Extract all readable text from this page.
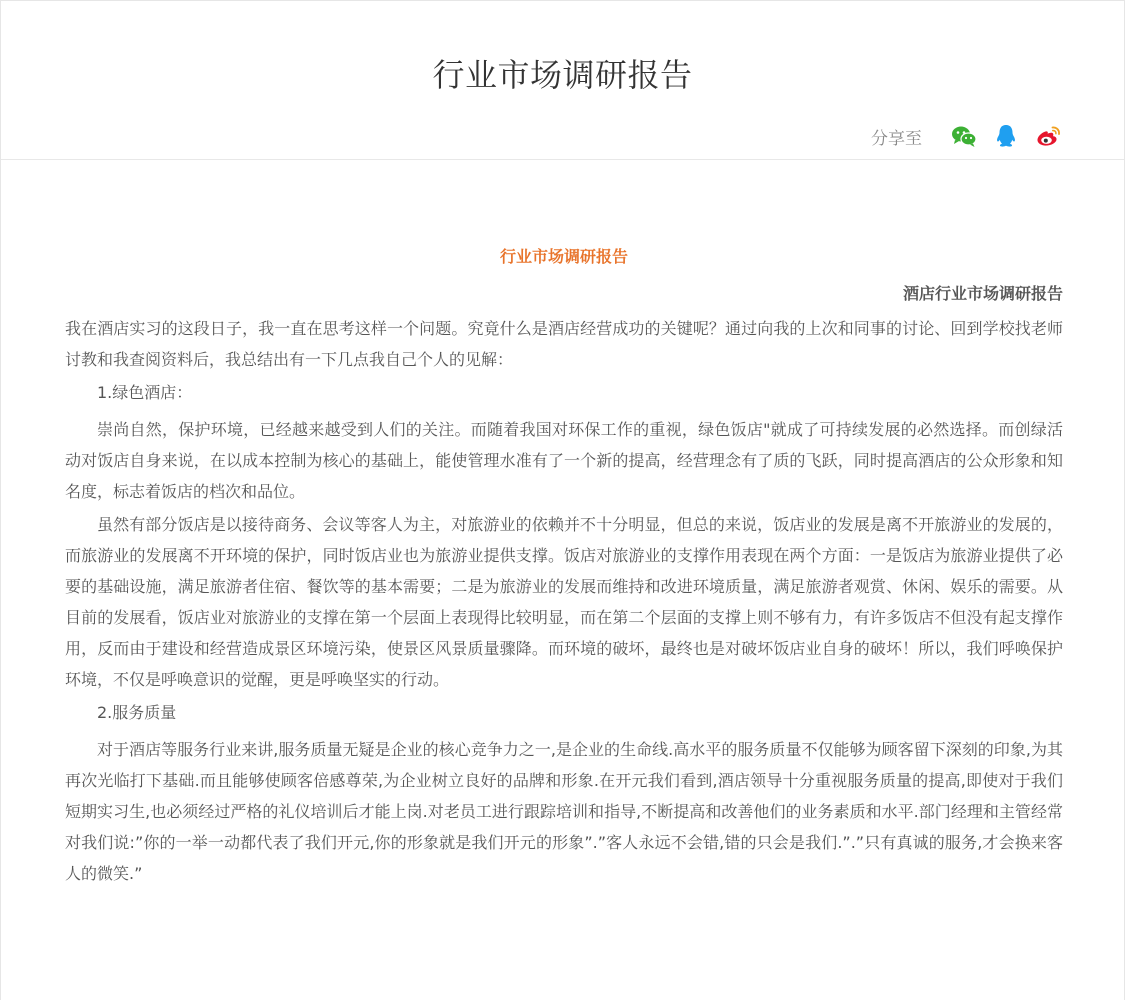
行业市场调研报告
分享至

行业市场调研报告

酒店行业市场调研报告

我在酒店实习的这段日子，我一直在思考这样一个问题。究竟什么是酒店经营成功的关键呢？通过向我的上次和同事的讨论、回到学校找老师讨教和我查阅资料后，我总结出有一下几点我自己个人的见解：

1.绿色酒店：

崇尚自然，保护环境，已经越来越受到人们的关注。而随着我国对环保工作的重视，绿色饭店"就成了可持续发展的必然选择。而创绿活动对饭店自身来说，在以成本控制为核心的基础上，能使管理水准有了一个新的提高，经营理念有了质的飞跃，同时提高酒店的公众形象和知名度，标志着饭店的档次和品位。

虽然有部分饭店是以接待商务、会议等客人为主，对旅游业的依赖并不十分明显，但总的来说，饭店业的发展是离不开旅游业的发展的，而旅游业的发展离不开环境的保护，同时饭店业也为旅游业提供支撑。饭店对旅游业的支撑作用表现在两个方面：一是饭店为旅游业提供了必要的基础设施，满足旅游者住宿、餐饮等的基本需要；二是为旅游业的发展而维持和改进环境质量，满足旅游者观赏、休闲、娱乐的需要。从目前的发展看，饭店业对旅游业的支撑在第一个层面上表现得比较明显，而在第二个层面的支撑上则不够有力，有许多饭店不但没有起支撑作用，反而由于建设和经营造成景区环境污染，使景区风景质量骤降。而环境的破坏，最终也是对破坏饭店业自身的破坏！所以，我们呼唤保护环境，不仅是呼唤意识的觉醒，更是呼唤坚实的行动。

2.服务质量

对于酒店等服务行业来讲,服务质量无疑是企业的核心竞争力之一,是企业的生命线.高水平的服务质量不仅能够为顾客留下深刻的印象,为其再次光临打下基础.而且能够使顾客倍感尊荣,为企业树立良好的品牌和形象.在开元我们看到,酒店领导十分重视服务质量的提高,即使对于我们短期实习生,也必须经过严格的礼仪培训后才能上岗.对老员工进行跟踪培训和指导,不断提高和改善他们的业务素质和水平.部门经理和主管经常对我们说:”你的一举一动都代表了我们开元,你的形象就是我们开元的形象”.”客人永远不会错,错的只会是我们.”.”只有真诚的服务,才会换来客人的微笑.”
